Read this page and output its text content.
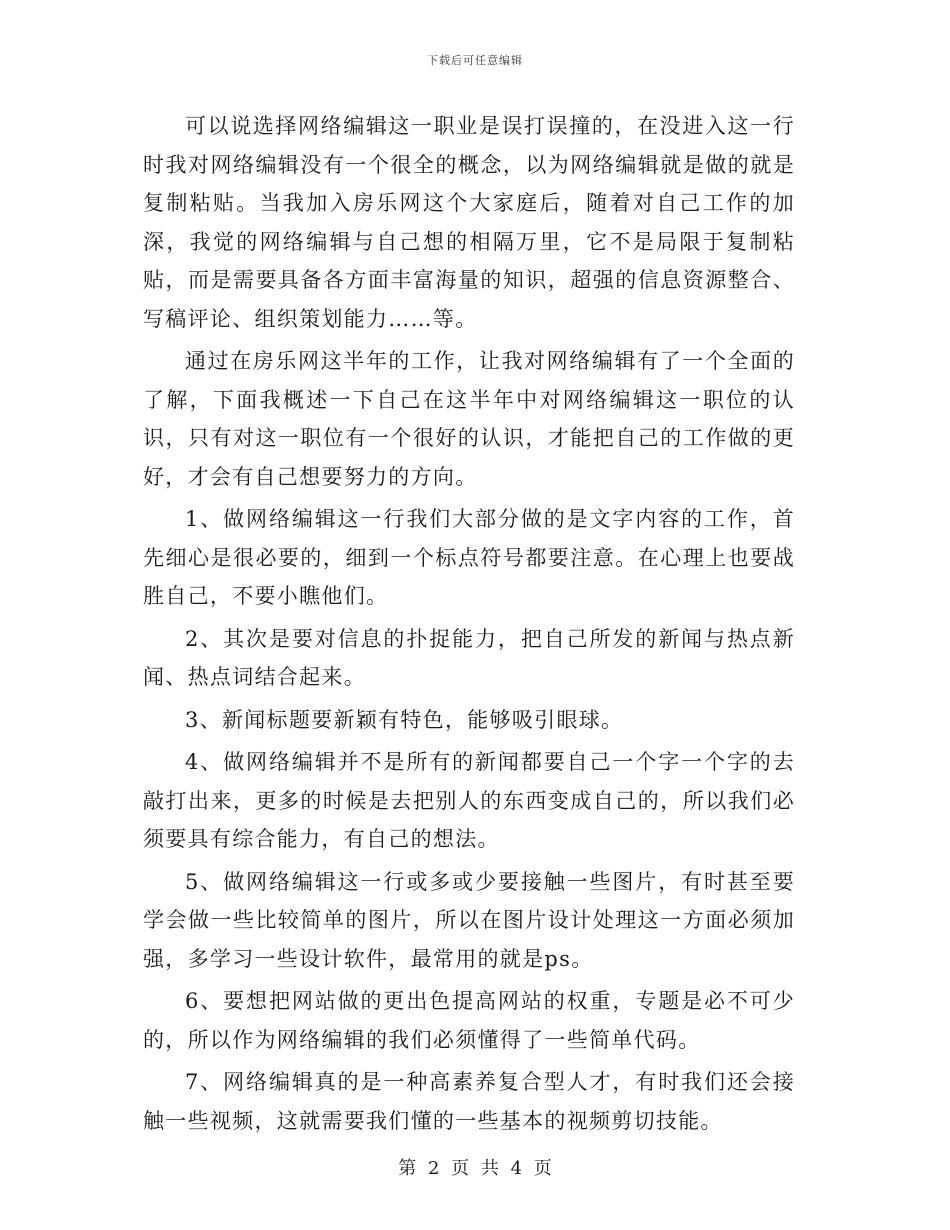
下载后可任意编辑

可以说选择网络编辑这一职业是误打误撞的，在没进入这一行时我对网络编辑没有一个很全的概念，以为网络编辑就是做的就是复制粘贴。当我加入房乐网这个大家庭后，随着对自己工作的加深，我觉的网络编辑与自己想的相隔万里，它不是局限于复制粘贴，而是需要具备各方面丰富海量的知识，超强的信息资源整合、写稿评论、组织策划能力……等。

通过在房乐网这半年的工作，让我对网络编辑有了一个全面的了解，下面我概述一下自己在这半年中对网络编辑这一职位的认识，只有对这一职位有一个很好的认识，才能把自己的工作做的更好，才会有自己想要努力的方向。

1、做网络编辑这一行我们大部分做的是文字内容的工作，首先细心是很必要的，细到一个标点符号都要注意。在心理上也要战胜自己，不要小瞧他们。

2、其次是要对信息的扑捉能力，把自己所发的新闻与热点新闻、热点词结合起来。

3、新闻标题要新颖有特色，能够吸引眼球。

4、做网络编辑并不是所有的新闻都要自己一个字一个字的去敲打出来，更多的时候是去把别人的东西变成自己的，所以我们必须要具有综合能力，有自己的想法。

5、做网络编辑这一行或多或少要接触一些图片，有时甚至要学会做一些比较简单的图片，所以在图片设计处理这一方面必须加强，多学习一些设计软件，最常用的就是ps。

6、要想把网站做的更出色提高网站的权重，专题是必不可少的，所以作为网络编辑的我们必须懂得了一些简单代码。

7、网络编辑真的是一种高素养复合型人才，有时我们还会接触一些视频，这就需要我们懂的一些基本的视频剪切技能。

第 2 页 共 4 页
